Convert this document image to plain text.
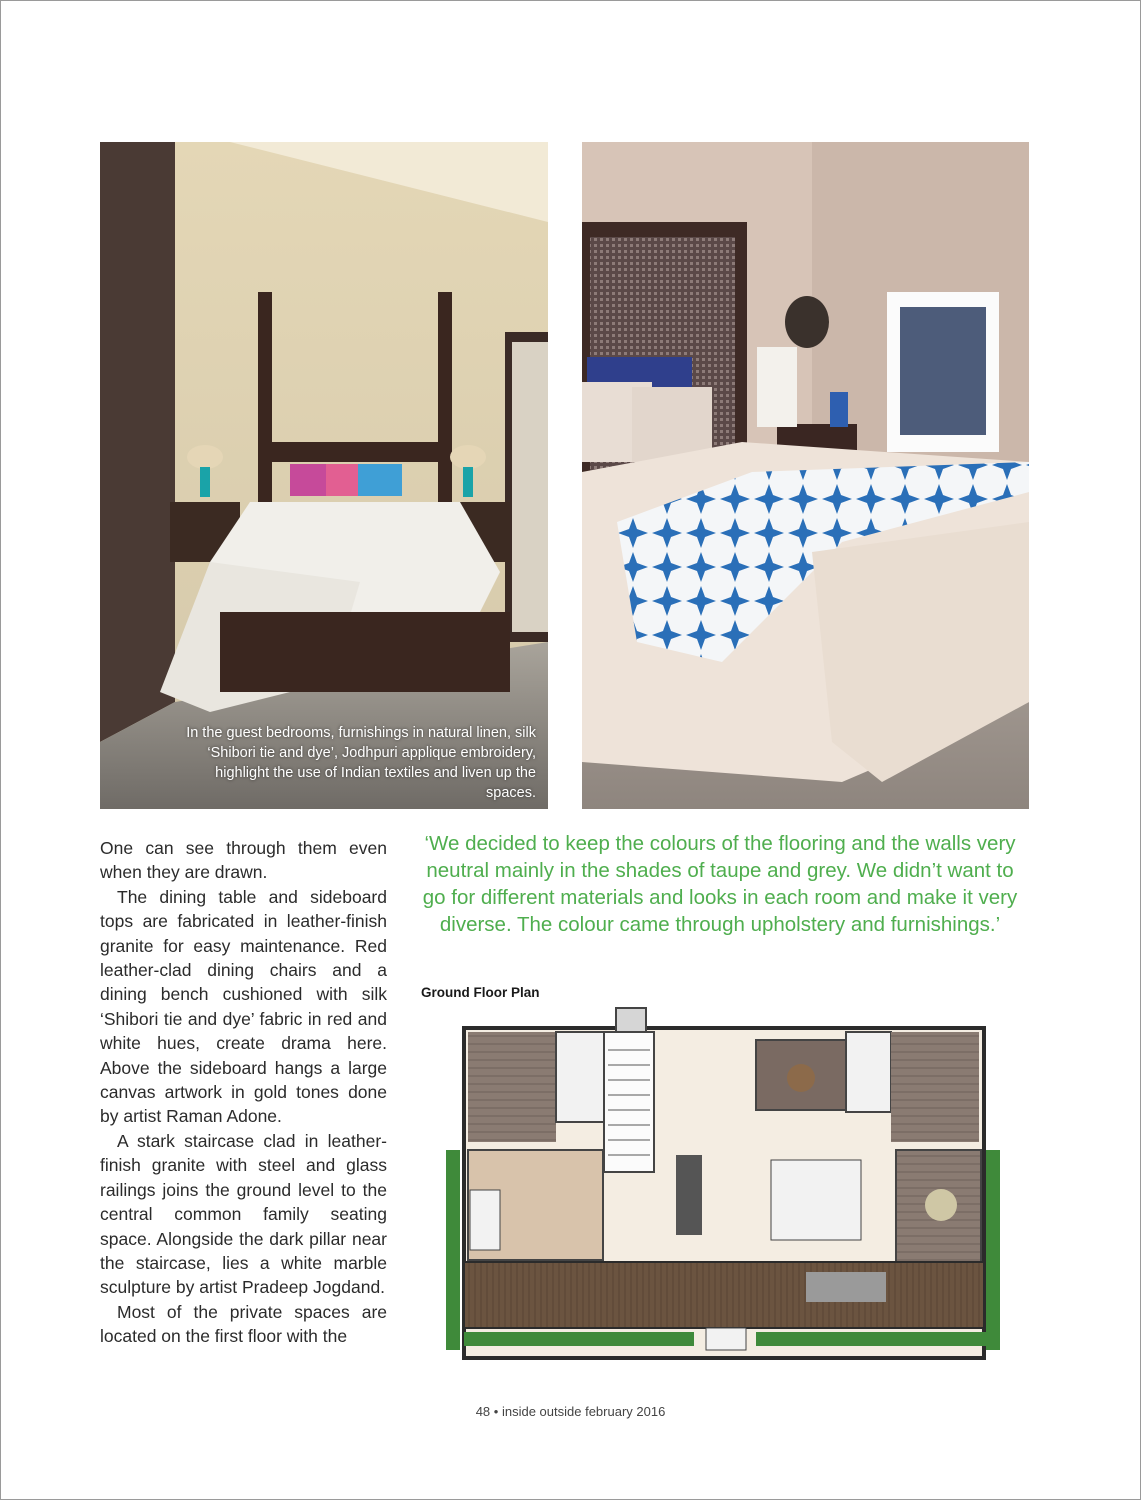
In the guest bedrooms, furnishings in natural linen, silk ‘Shibori tie and dye’, Jodhpuri applique embroidery, highlight the use of Indian textiles and liven up the spaces.

One can see through them even when they are drawn.

The dining table and sideboard tops are fabricated in leather-finish granite for easy maintenance. Red leather-clad dining chairs and a dining bench cushioned with silk ‘Shibori tie and dye’ fabric in red and white hues, create drama here. Above the sideboard hangs a large canvas artwork in gold tones done by artist Raman Adone.

A stark staircase clad in leather-finish granite with steel and glass railings joins the ground level to the central common family seating space. Alongside the dark pillar near the staircase, lies a white marble sculpture by artist Pradeep Jogdand.

Most of the private spaces are located on the first floor with the

‘We decided to keep the colours of the flooring and the walls very neutral mainly in the shades of taupe and grey. We didn’t want to go for different materials and looks in each room and make it very diverse. The colour came through upholstery and furnishings.’
Ground Floor Plan
48 • inside outside february 2016
